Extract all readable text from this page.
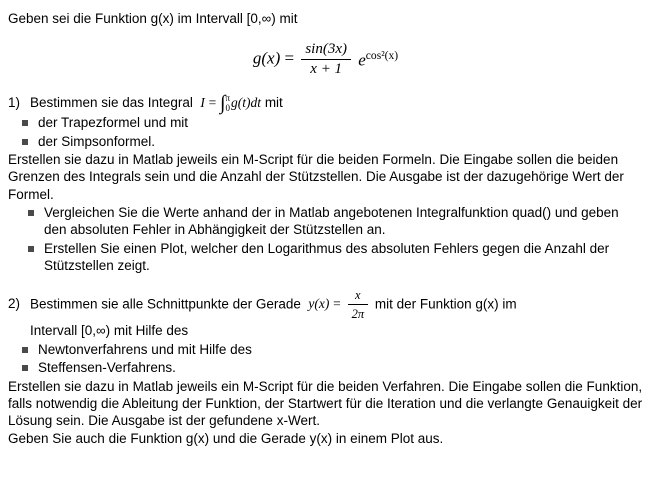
Geben sei die Funktion g(x) im Intervall [0,∞) mit

$g(x) = \frac{\sin(3x)}{x + 1} e^{cos^2(x)}$
1) Bestimmen sie das Integral I = ∫π
0g(t)dt mit
der Trapezformel und mit
der Simpsonformel.

Erstellen sie dazu in Matlab jeweils ein M-Script für die beiden Formeln. Die Eingabe sollen die beiden Grenzen des Integrals sein und die Anzahl der Stützstellen. Die Ausgabe ist der dazugehörige Wert der Formel.

Vergleichen Sie die Werte anhand der in Matlab angebotenen Integralfunktion quad() und geben den absoluten Fehler in Abhängigkeit der Stützstellen an.
Erstellen Sie einen Plot, welcher den Logarithmus des absoluten Fehlers gegen die Anzahl der Stützstellen zeigt.
2) Bestimmen sie alle Schnittpunkte der Gerade $y(x) = \frac{x}{2\pi}$ mit der Funktion g(x) im
Intervall [0,∞) mit Hilfe des
Newtonverfahrens und mit Hilfe des
Steffensen-Verfahrens.

Erstellen sie dazu in Matlab jeweils ein M-Script für die beiden Verfahren. Die Eingabe sollen die Funktion, falls notwendig die Ableitung der Funktion, der Startwert für die Iteration und die verlangte Genauigkeit der Lösung sein. Die Ausgabe ist der gefundene x-Wert.

Geben Sie auch die Funktion g(x) und die Gerade y(x) in einem Plot aus.
